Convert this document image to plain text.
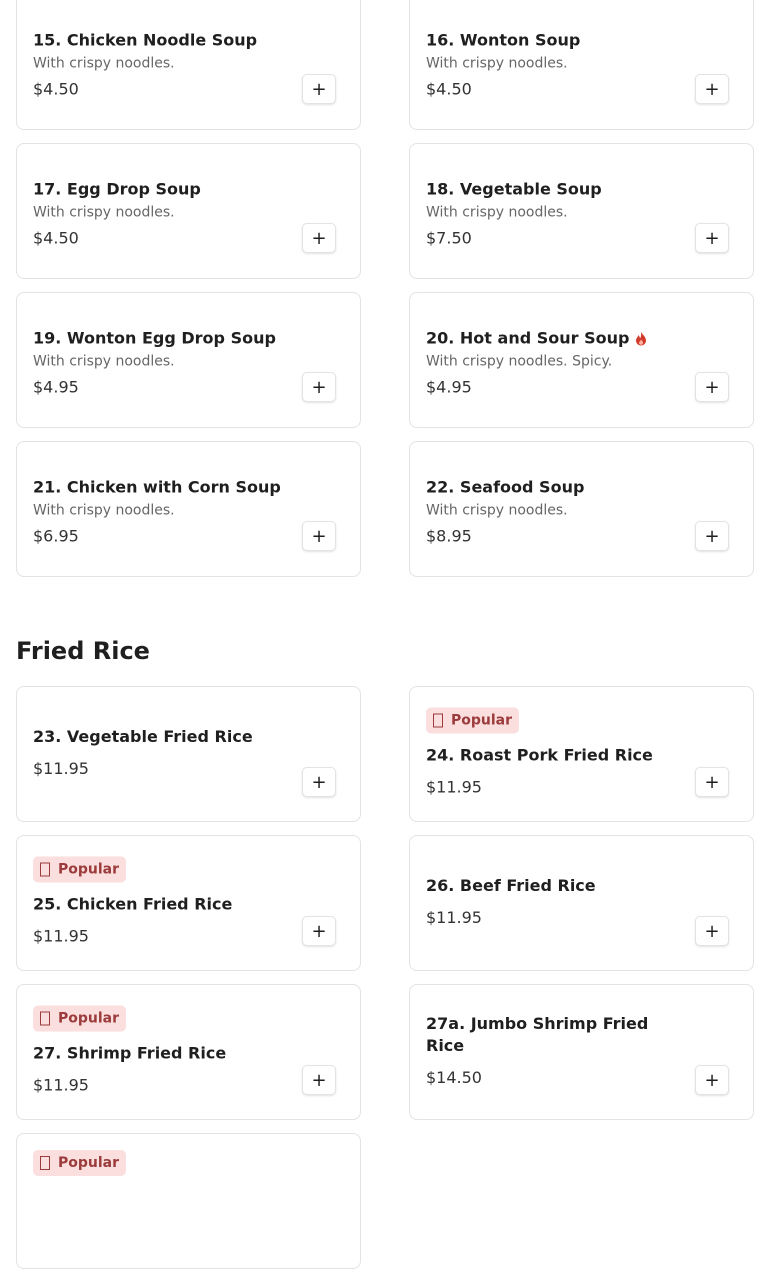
15. Chicken Noodle Soup
With crispy noodles.
$4.50	+
16. Wonton Soup
With crispy noodles.
$4.50	+
17. Egg Drop Soup
With crispy noodles.
$4.50	+
18. Vegetable Soup
With crispy noodles.
$7.50	+
19. Wonton Egg Drop Soup
With crispy noodles.
$4.95	+
20. Hot and Sour Soup
With crispy noodles. Spicy.
$4.95	+
21. Chicken with Corn Soup
With crispy noodles.
$6.95	+
22. Seafood Soup
With crispy noodles.
$8.95	+
Fried Rice
23. Vegetable Fried Rice
$11.95
+
Popular
24. Roast Pork Fried Rice
$11.95	+
Popular
25. Chicken Fried Rice
$11.95	+
26. Beef Fried Rice
$11.95
+
Popular
27. Shrimp Fried Rice
$11.95	+
27a. Jumbo Shrimp Fried Rice
$14.50	+
Popular
